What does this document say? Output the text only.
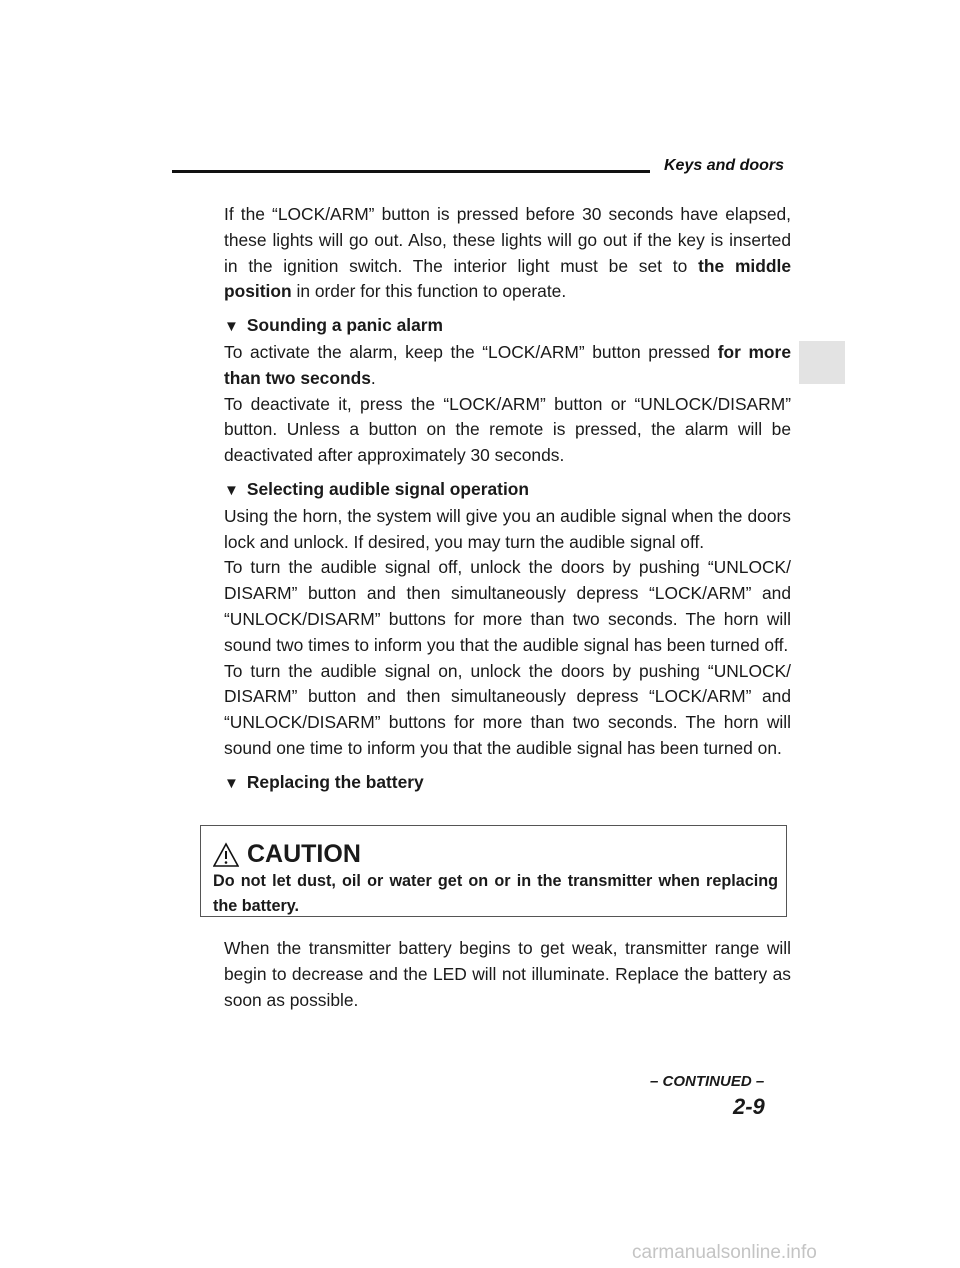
Keys and doors

If the “LOCK/ARM” button is pressed before 30 seconds have elapsed, these lights will go out. Also, these lights will go out if the key is inserted in the ignition switch. The interior light must be set to the middle position in order for this function to operate.

▼ Sounding a panic alarm

To activate the alarm, keep the “LOCK/ARM” button pressed for more than two seconds.

To deactivate it, press the “LOCK/ARM” button or “UNLOCK/DISARM” button. Unless a button on the remote is pressed, the alarm will be deactivated after approximately 30 seconds.

▼ Selecting audible signal operation

Using the horn, the system will give you an audible signal when the doors lock and unlock. If desired, you may turn the audible signal off.

To turn the audible signal off, unlock the doors by pushing “UNLOCK/ DISARM” button and then simultaneously depress “LOCK/ARM” and “UNLOCK/DISARM” buttons for more than two seconds. The horn will sound two times to inform you that the audible signal has been turned off.

To turn the audible signal on, unlock the doors by pushing “UNLOCK/ DISARM” button and then simultaneously depress “LOCK/ARM” and “UNLOCK/DISARM” buttons for more than two seconds. The horn will sound one time to inform you that the audible signal has been turned on.

▼ Replacing the battery
CAUTION
Do not let dust, oil or water get on or in the transmitter when replacing the battery.

When the transmitter battery begins to get weak, transmitter range will begin to decrease and the LED will not illuminate. Replace the battery as soon as possible.

– CONTINUED –
2-9
carmanualsonline.info
